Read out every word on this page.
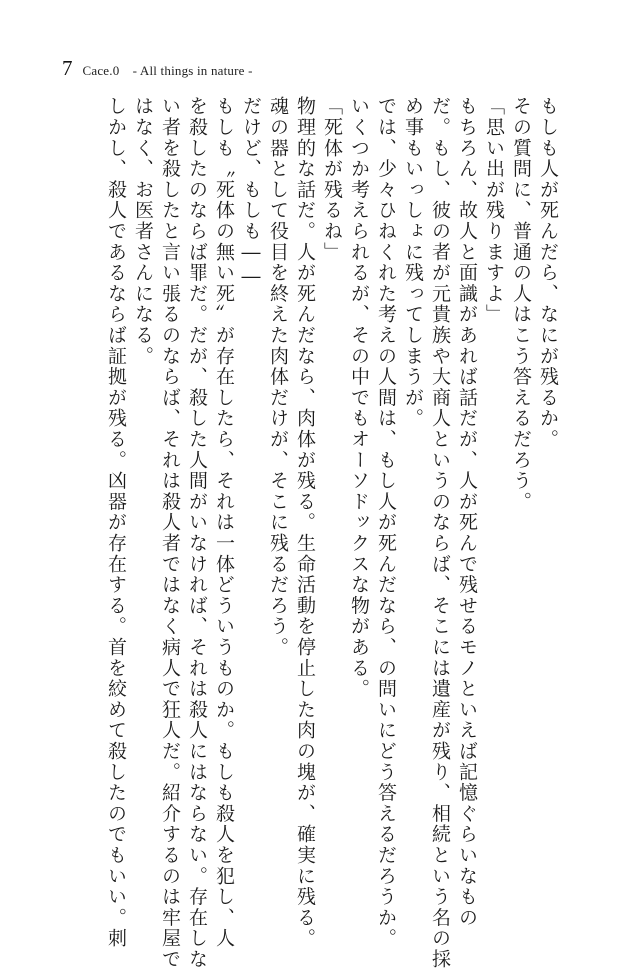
7 Cace.0　- All things in nature -

もしも人が死んだら、なにが残るか。

その質問に、普通の人はこう答えるだろう。

「思い出が残りますよ」

もちろん、故人と面識があれば話だが、人が死んで残せるモノといえば記憶ぐらいなもの

だ。もし、彼の者が元貴族や大商人というのならば、そこには遺産が残り、相続という名の採

め事もいっしょに残ってしまうが。

では、少々ひねくれた考えの人間は、もし人が死んだなら、の問いにどう答えるだろうか。

いくつか考えられるが、その中でもオーソドックスな物がある。

「死体が残るね」

物理的な話だ。人が死んだなら、肉体が残る。生命活動を停止した肉の塊が、確実に残る。

魂の器として役目を終えた肉体だけが、そこに残るだろう。

だけど、もしも――

もしも〝死体の無い死〟が存在したら、それは一体どういうものか。もしも殺人を犯し、人

を殺したのならば罪だ。だが、殺した人間がいなければ、それは殺人にはならない。存在しな

い者を殺したと言い張るのならば、それは殺人者ではなく病人で狂人だ。紹介するのは牢屋で

はなく、お医者さんになる。

しかし、殺人であるならば証拠が残る。凶器が存在する。首を絞めて殺したのでもいい。刺
